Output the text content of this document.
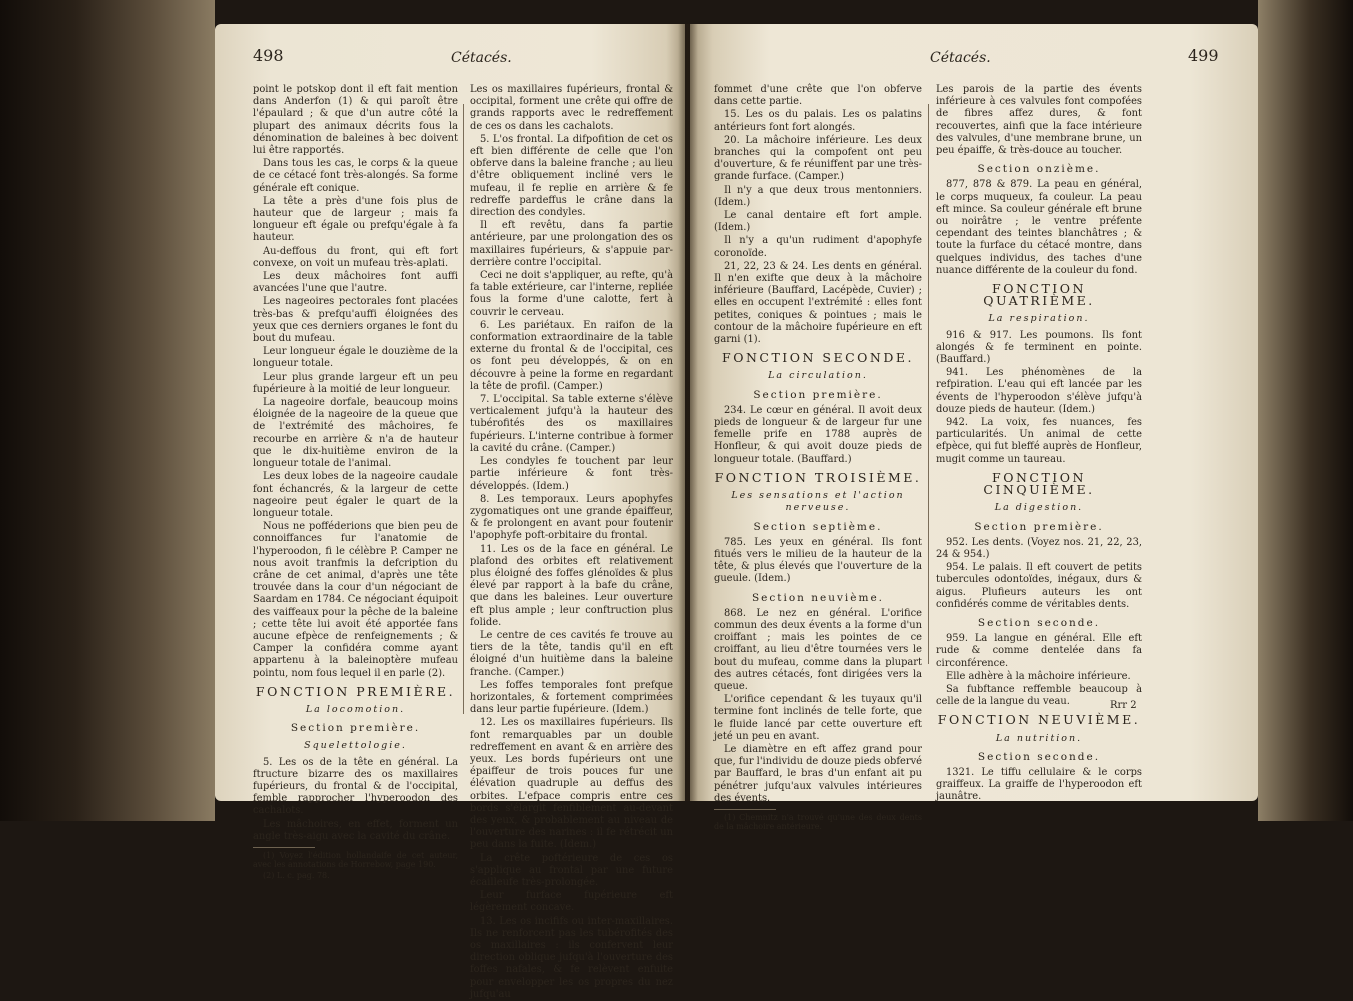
498	Cétacés.

point le potskop dont il eft fait mention dans Anderfon (1) & qui paroît être l'épaulard ; & que d'un autre côté la plupart des animaux décrits fous la dénomination de baleines à bec doivent lui être rapportés.

Dans tous les cas, le corps & la queue de ce cétacé font très-alongés. Sa forme générale eft conique.

La tête a près d'une fois plus de hauteur que de largeur ; mais fa longueur eft égale ou prefqu'égale à fa hauteur.

Au-deffous du front, qui eft fort convexe, on voit un mufeau très-aplati.

Les deux mâchoires font auffi avancées l'une que l'autre.

Les nageoires pectorales font placées très-bas & prefqu'auffi éloignées des yeux que ces derniers organes le font du bout du mufeau.

Leur longueur égale le douzième de la longueur totale.

Leur plus grande largeur eft un peu fupérieure à la moitié de leur longueur.

La nageoire dorfale, beaucoup moins éloignée de la nageoire de la queue que de l'extrémité des mâchoires, fe recourbe en arrière & n'a de hauteur que le dix-huitième environ de la longueur totale de l'animal.

Les deux lobes de la nageoire caudale font échancrés, & la largeur de cette nageoire peut égaler le quart de la longueur totale.

Nous ne pofféderions que bien peu de connoiffances fur l'anatomie de l'hyperoodon, fi le célèbre P. Camper ne nous avoit tranfmis la defcription du crâne de cet animal, d'après une tête trouvée dans la cour d'un négociant de Saardam en 1784. Ce négociant équipoit des vaiffeaux pour la pêche de la baleine ; cette tête lui avoit été apportée fans aucune efpèce de renfeignements ; & Camper la confidéra comme ayant appartenu à la baleinoptère mufeau pointu, nom fous lequel il en parle (2).

FONCTION PREMIÈRE.
La locomotion.
Section première.
Squelettologie.

5. Les os de la tête en général. La ftructure bizarre des os maxillaires fupérieurs, du frontal & de l'occipital, femble rapprocher l'hyperoodon des cachalots.

Les mâchoires, en effet, forment un angle très-aigu avec la cavité du crâne.

(1) Voyez l'édition hollandaife de cet auteur, avec les annotations de Horrebow, page 190.

(2) L. c. pag. 78.

Les os maxillaires fupérieurs, frontal & occipital, forment une crête qui offre de grands rapports avec le redreffement de ces os dans les cachalots.

5. L'os frontal. La difpofition de cet os eft bien différente de celle que l'on obferve dans la baleine franche ; au lieu d'être obliquement incliné vers le mufeau, il fe replie en arrière & fe redreffe pardeffus le crâne dans la direction des condyles.

Il eft revêtu, dans fa partie antérieure, par une prolongation des os maxillaires fupérieurs, & s'appuie par-derrière contre l'occipital.

Ceci ne doit s'appliquer, au refte, qu'à fa table extérieure, car l'interne, repliée fous la forme d'une calotte, fert à couvrir le cerveau.

6. Les pariétaux. En raifon de la conformation extraordinaire de la table externe du frontal & de l'occipital, ces os font peu développés, & on en découvre à peine la forme en regardant la tête de profil. (Camper.)

7. L'occipital. Sa table externe s'élève verticalement jufqu'à la hauteur des tubérofités des os maxillaires fupérieurs. L'interne contribue à former la cavité du crâne. (Camper.)

Les condyles fe touchent par leur partie inférieure & font très-développés. (Idem.)

8. Les temporaux. Leurs apophyfes zygomatiques ont une grande épaiffeur, & fe prolongent en avant pour foutenir l'apophyfe poft-orbitaire du frontal.

11. Les os de la face en général. Le plafond des orbites eft relativement plus éloigné des foffes glénoïdes & plus élevé par rapport à la bafe du crâne, que dans les baleines. Leur ouverture eft plus ample ; leur conftruction plus folide.

Le centre de ces cavités fe trouve au tiers de la tête, tandis qu'il en eft éloigné d'un huitième dans la baleine franche. (Camper.)

Les foffes temporales font prefque horizontales, & fortement comprimées dans leur partie fupérieure. (Idem.)

12. Les os maxillaires fupérieurs. Ils font remarquables par un double redreffement en avant & en arrière des yeux. Les bords fupérieurs ont une épaiffeur de trois pouces fur une élévation quadruple au deffus des orbites. L'efpace compris entre ces bords s'élargit fenfiblement au-devant des yeux, & probablement au niveau de l'ouverture des narines : il fe rétrécit un peu dans la fuite. (Idem.)

La crête poftérieure de ces os s'applique au frontal par une future écailleufe très-prolongée.

Leur furface fupérieure eft légèrement concave.

13. Les os incififs ou inter-maxillaires. Ils ne renforcent pas les tubérofités des os maxillaires : ils confervent leur direction oblique jufqu'à l'ouverture des foffes nafales, & fe relèvent enfuite pour envelopper les os propres du nez jufqu'au

Cétacés.	499

fommet d'une crête que l'on obferve dans cette partie.

15. Les os du palais. Les os palatins antérieurs font fort alongés.

20. La mâchoire inférieure. Les deux branches qui la compofent ont peu d'ouverture, & fe réuniffent par une très-grande furface. (Camper.)

Il n'y a que deux trous mentonniers. (Idem.)

Le canal dentaire eft fort ample. (Idem.)

Il n'y a qu'un rudiment d'apophyfe coronoïde.

21, 22, 23 & 24. Les dents en général. Il n'en exifte que deux à la mâchoire inférieure (Bauffard, Lacépède, Cuvier) ; elles en occupent l'extrémité : elles font petites, coniques & pointues ; mais le contour de la mâchoire fupérieure en eft garni (1).

FONCTION SECONDE.
La circulation.
Section première.

234. Le cœur en général. Il avoit deux pieds de longueur & de largeur fur une femelle prife en 1788 auprès de Honfleur, & qui avoit douze pieds de longueur totale. (Bauffard.)

FONCTION TROISIÈME.
Les sensations et l'action nerveuse.
Section septième.

785. Les yeux en général. Ils font fitués vers le milieu de la hauteur de la tête, & plus élevés que l'ouverture de la gueule. (Idem.)

Section neuvième.

868. Le nez en général. L'orifice commun des deux évents a la forme d'un croiffant ; mais les pointes de ce croiffant, au lieu d'être tournées vers le bout du mufeau, comme dans la plupart des autres cétacés, font dirigées vers la queue.

L'orifice cependant & les tuyaux qu'il termine font inclinés de telle forte, que le fluide lancé par cette ouverture eft jeté un peu en avant.

Le diamètre en eft affez grand pour que, fur l'individu de douze pieds obfervé par Bauffard, le bras d'un enfant ait pu pénétrer jufqu'aux valvules intérieures des évents.

(1) Chemnitz n'a trouvé qu'une des deux dents de la mâchoire antérieure.

Les parois de la partie des évents inférieure à ces valvules font compofées de fibres affez dures, & font recouvertes, ainfi que la face intérieure des valvules, d'une membrane brune, un peu épaiffe, & très-douce au toucher.

Section onzième.

877, 878 & 879. La peau en général, le corps muqueux, fa couleur. La peau eft mince. Sa couleur générale eft brune ou noirâtre ; le ventre préfente cependant des teintes blanchâtres ; & toute la furface du cétacé montre, dans quelques individus, des taches d'une nuance différente de la couleur du fond.

FONCTION QUATRIÈME.
La respiration.

916 & 917. Les poumons. Ils font alongés & fe terminent en pointe. (Bauffard.)

941. Les phénomènes de la refpiration. L'eau qui eft lancée par les évents de l'hyperoodon s'élève jufqu'à douze pieds de hauteur. (Idem.)

942. La voix, fes nuances, fes particularités. Un animal de cette efpèce, qui fut bleffé auprès de Honfleur, mugit comme un taureau.

FONCTION CINQUIÈME.
La digestion.
Section première.

952. Les dents. (Voyez nos. 21, 22, 23, 24 & 954.)

954. Le palais. Il eft couvert de petits tubercules odontoïdes, inégaux, durs & aigus. Plufieurs auteurs les ont confidérés comme de véritables dents.

Section seconde.

959. La langue en général. Elle eft rude & comme dentelée dans fa circonférence.

Elle adhère à la mâchoire inférieure.

Sa fubftance reffemble beaucoup à celle de la langue du veau.

FONCTION NEUVIÈME.
La nutrition.
Section seconde.

1321. Le tiffu cellulaire & le corps graiffeux. La graiffe de l'hyperoodon eft jaunâtre.

Rrr 2
